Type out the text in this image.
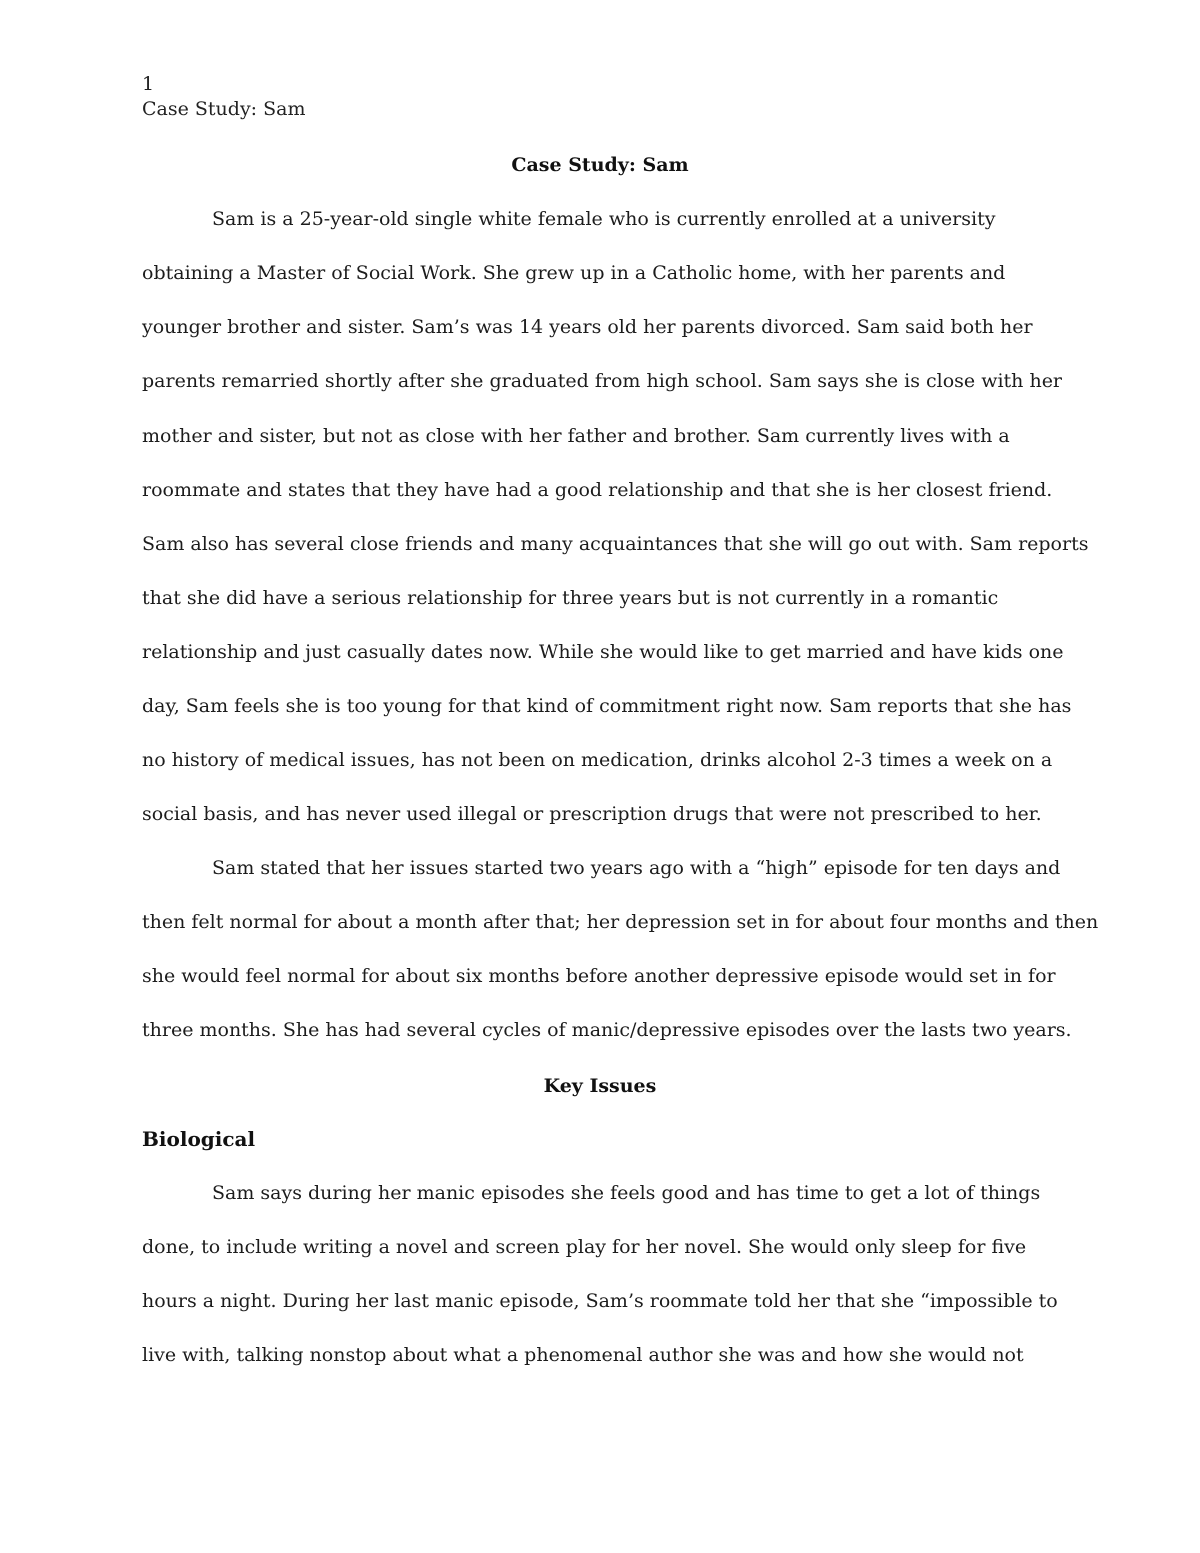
1
Case Study: Sam
Case Study: Sam
Sam is a 25-year-old single white female who is currently enrolled at a university
obtaining a Master of Social Work. She grew up in a Catholic home, with her parents and
younger brother and sister. Sam’s was 14 years old her parents divorced. Sam said both her
parents remarried shortly after she graduated from high school. Sam says she is close with her
mother and sister, but not as close with her father and brother. Sam currently lives with a
roommate and states that they have had a good relationship and that she is her closest friend.
Sam also has several close friends and many acquaintances that she will go out with. Sam reports
that she did have a serious relationship for three years but is not currently in a romantic
relationship and just casually dates now. While she would like to get married and have kids one
day, Sam feels she is too young for that kind of commitment right now. Sam reports that she has
no history of medical issues, has not been on medication, drinks alcohol 2-3 times a week on a
social basis, and has never used illegal or prescription drugs that were not prescribed to her.
Sam stated that her issues started two years ago with a “high” episode for ten days and
then felt normal for about a month after that; her depression set in for about four months and then
she would feel normal for about six months before another depressive episode would set in for
three months. She has had several cycles of manic/depressive episodes over the lasts two years.
Key Issues
Biological
Sam says during her manic episodes she feels good and has time to get a lot of things
done, to include writing a novel and screen play for her novel. She would only sleep for five
hours a night. During her last manic episode, Sam’s roommate told her that she “impossible to
live with, talking nonstop about what a phenomenal author she was and how she would not
